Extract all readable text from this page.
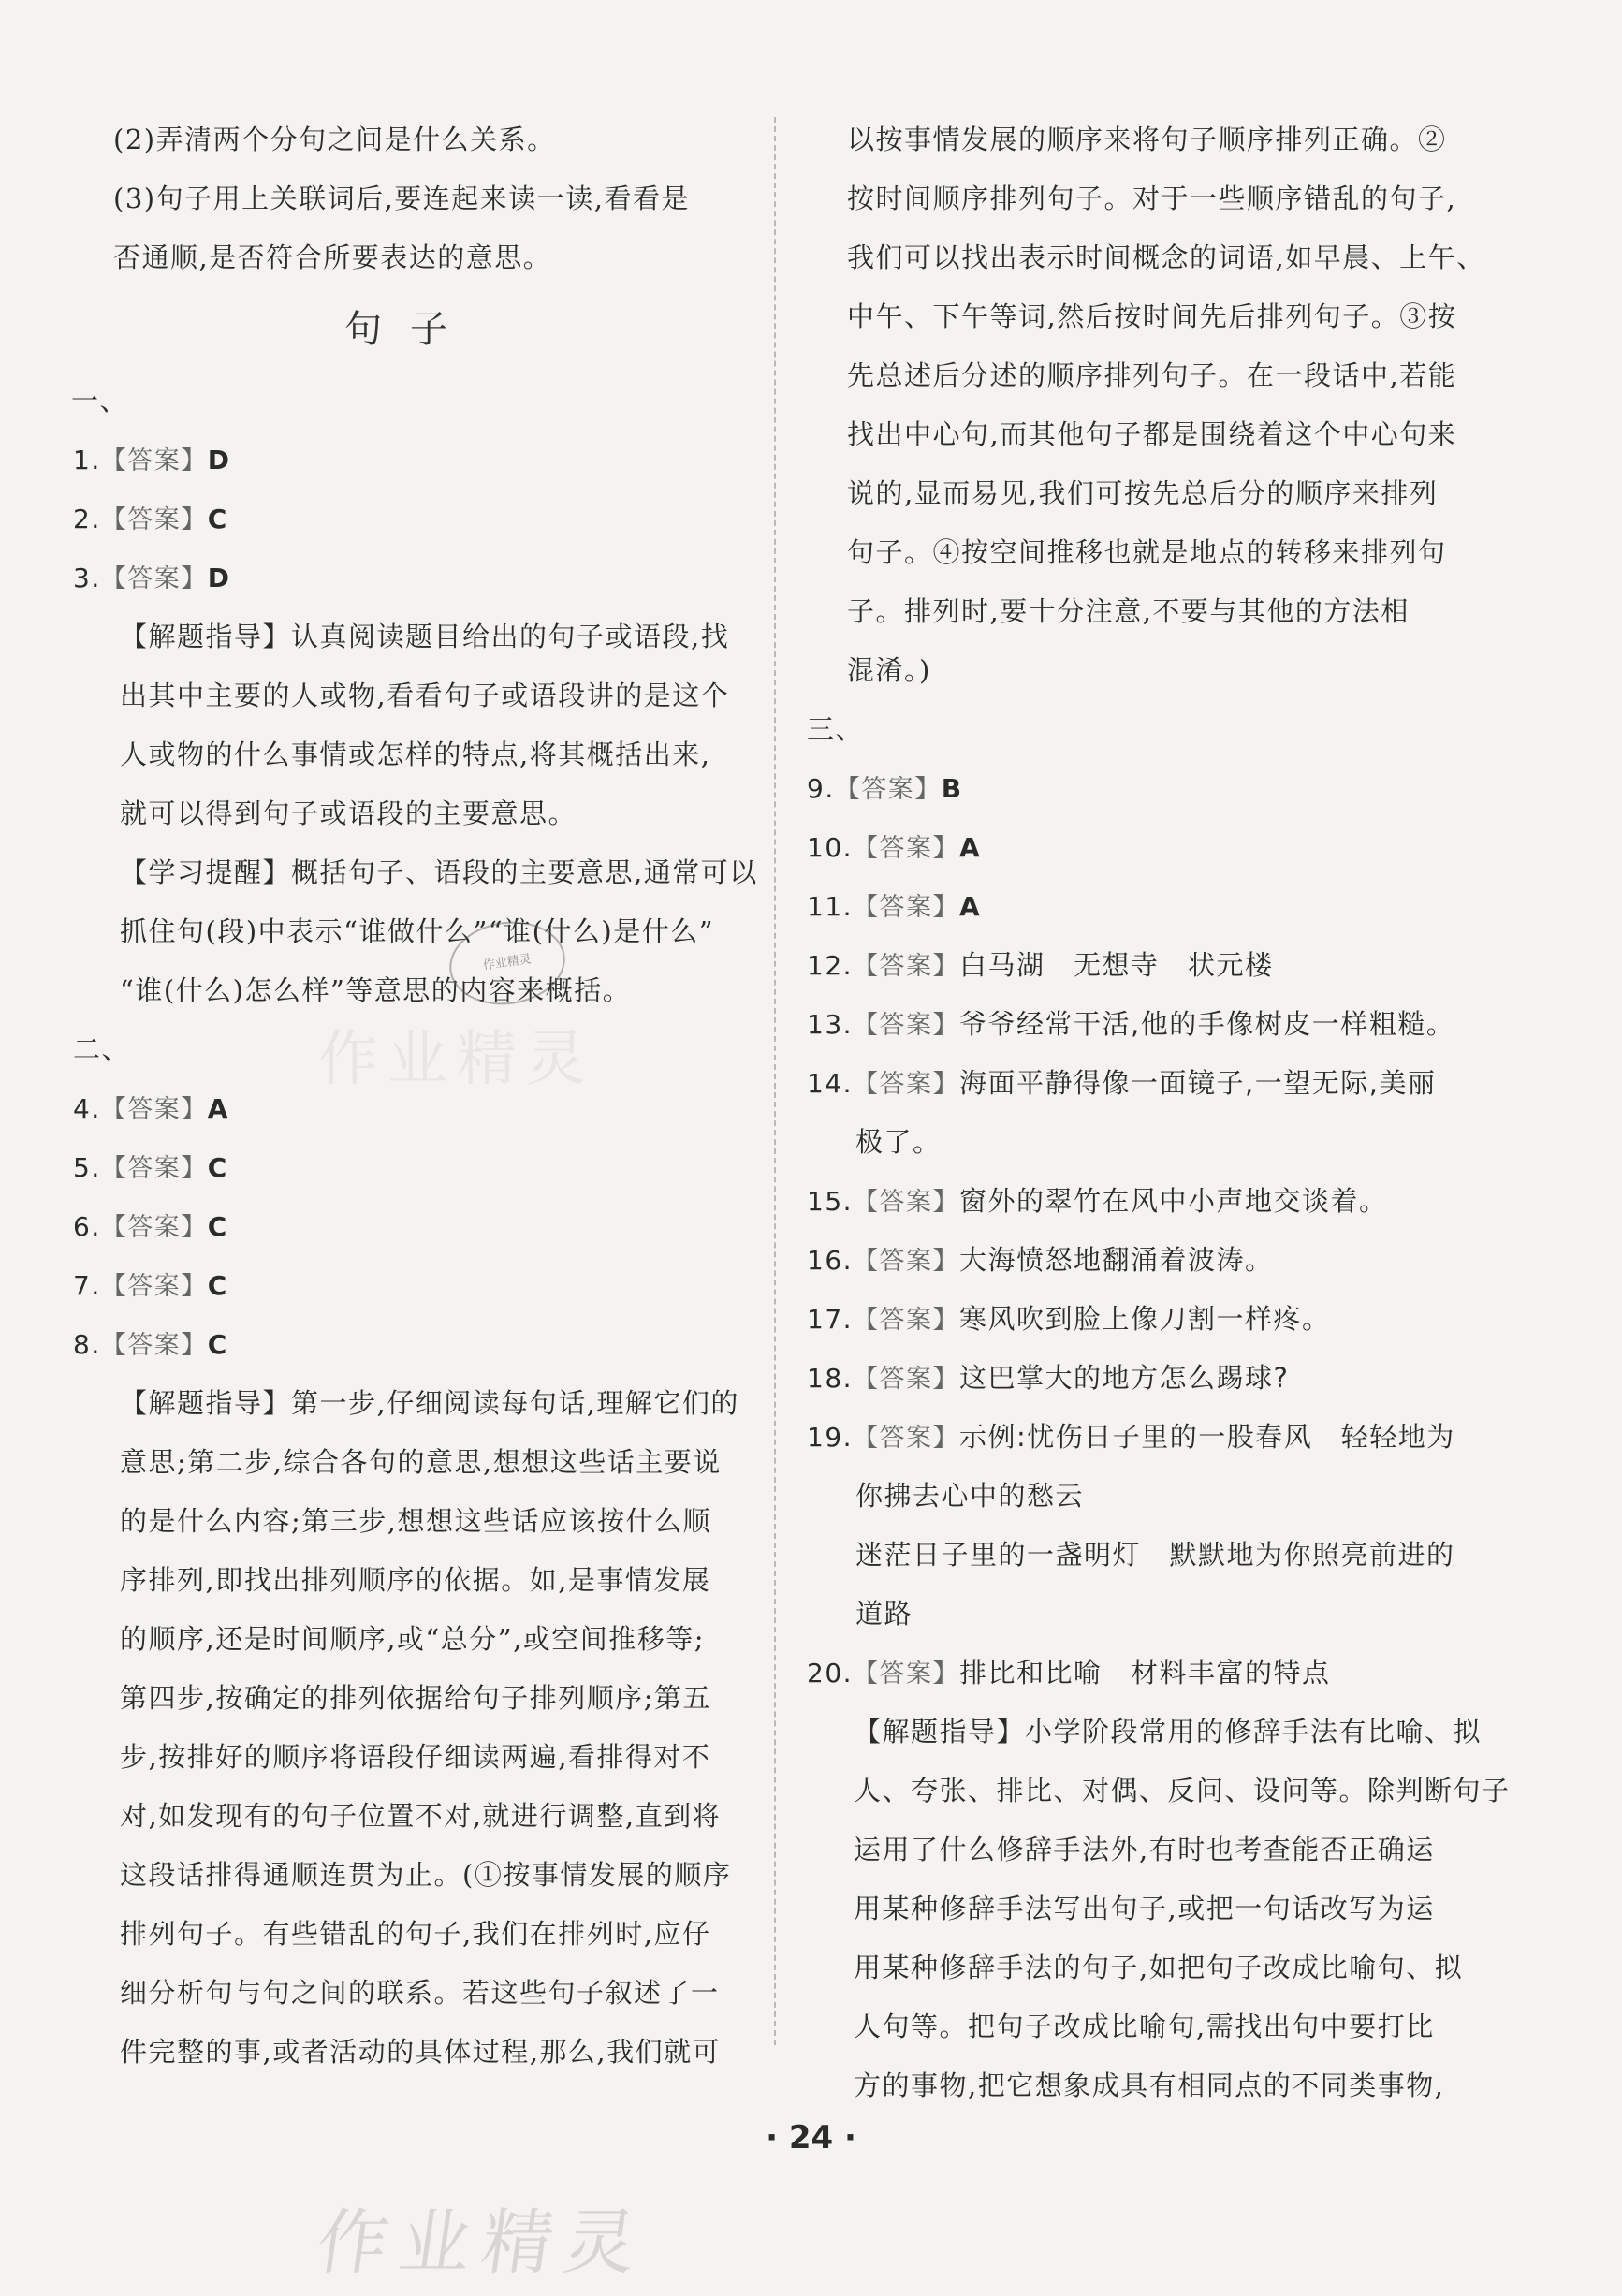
(2)弄清两个分句之间是什么关系。
(3)句子用上关联词后,要连起来读一读,看看是
否通顺,是否符合所要表达的意思。
句子
一、
1.【答案】D
2.【答案】C
3.【答案】D
【解题指导】认真阅读题目给出的句子或语段,找
出其中主要的人或物,看看句子或语段讲的是这个
人或物的什么事情或怎样的特点,将其概括出来,
就可以得到句子或语段的主要意思。
【学习提醒】概括句子、语段的主要意思,通常可以
抓住句(段)中表示“谁做什么”“谁(什么)是什么”
“谁(什么)怎么样”等意思的内容来概括。
二、
4.【答案】A
5.【答案】C
6.【答案】C
7.【答案】C
8.【答案】C
【解题指导】第一步,仔细阅读每句话,理解它们的
意思;第二步,综合各句的意思,想想这些话主要说
的是什么内容;第三步,想想这些话应该按什么顺
序排列,即找出排列顺序的依据。如,是事情发展
的顺序,还是时间顺序,或“总分”,或空间推移等;
第四步,按确定的排列依据给句子排列顺序;第五
步,按排好的顺序将语段仔细读两遍,看排得对不
对,如发现有的句子位置不对,就进行调整,直到将
这段话排得通顺连贯为止。(①按事情发展的顺序
排列句子。有些错乱的句子,我们在排列时,应仔
细分析句与句之间的联系。若这些句子叙述了一
件完整的事,或者活动的具体过程,那么,我们就可
以按事情发展的顺序来将句子顺序排列正确。②
按时间顺序排列句子。对于一些顺序错乱的句子,
我们可以找出表示时间概念的词语,如早晨、上午、
中午、下午等词,然后按时间先后排列句子。③按
先总述后分述的顺序排列句子。在一段话中,若能
找出中心句,而其他句子都是围绕着这个中心句来
说的,显而易见,我们可按先总后分的顺序来排列
句子。④按空间推移也就是地点的转移来排列句
子。排列时,要十分注意,不要与其他的方法相
混淆。)
三、
9.【答案】B
10.【答案】A
11.【答案】A
12.【答案】白马湖　无想寺　状元楼
13.【答案】爷爷经常干活,他的手像树皮一样粗糙。
14.【答案】海面平静得像一面镜子,一望无际,美丽
极了。
15.【答案】窗外的翠竹在风中小声地交谈着。
16.【答案】大海愤怒地翻涌着波涛。
17.【答案】寒风吹到脸上像刀割一样疼。
18.【答案】这巴掌大的地方怎么踢球?
19.【答案】示例:忧伤日子里的一股春风　轻轻地为
你拂去心中的愁云
迷茫日子里的一盏明灯　默默地为你照亮前进的
道路
20.【答案】排比和比喻　材料丰富的特点
【解题指导】小学阶段常用的修辞手法有比喻、拟
人、夸张、排比、对偶、反问、设问等。除判断句子
运用了什么修辞手法外,有时也考查能否正确运
用某种修辞手法写出句子,或把一句话改写为运
用某种修辞手法的句子,如把句子改成比喻句、拟
人句等。把句子改成比喻句,需找出句中要打比
方的事物,把它想象成具有相同点的不同类事物,
作业精灵
作业精灵
· 24 ·
作业精灵
